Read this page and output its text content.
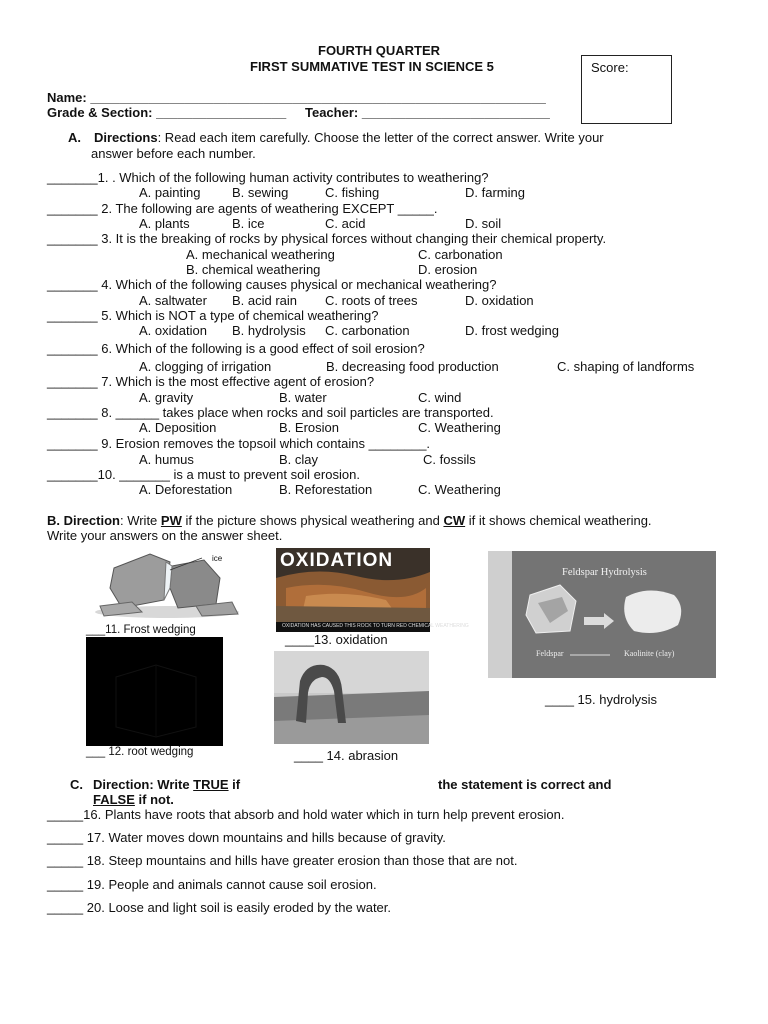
FOURTH QUARTER
FIRST SUMMATIVE TEST IN SCIENCE 5	Score:
Name: _______________________________________________________________
Grade & Section: __________________ Teacher: __________________________
A. Directions: Read each item carefully. Choose the letter of the correct answer. Write your
answer before each number.
_______1. . Which of the following human activity contributes to weathering?
A. painting B. sewing	C. fishing	D. farming
_______ 2. The following are agents of weathering EXCEPT _____.
A. plants	B. ice	C. acid	D. soil
_______ 3. It is the breaking of rocks by physical forces without changing their chemical property.
A. mechanical weathering	C. carbonation
B. chemical weathering	D. erosion
_______ 4. Which of the following causes physical or mechanical weathering?
A. saltwater B. acid rain C. roots of trees	D. oxidation
_______ 5. Which is NOT a type of chemical weathering?
A. oxidation B. hydrolysis C. carbonation	D. frost wedging
_______ 6. Which of the following is a good effect of soil erosion?
A. clogging of irrigation	B. decreasing food production	C. shaping of landforms
_______ 7. Which is the most effective agent of erosion?
A. gravity	B. water	C. wind
_______ 8. ______ takes place when rocks and soil particles are transported.
A. Deposition	B. Erosion	C. Weathering
_______ 9. Erosion removes the topsoil which contains ________.
A. humus	B. clay	C. fossils
_______10. _______ is a must to prevent soil erosion.
A. Deforestation	B. Reforestation	C. Weathering
B. Direction: Write PW if the picture shows physical weathering and CW if it shows chemical weathering.
Write your answers on the answer sheet.
ice
___11. Frost wedging
___ 12. root wedging
OXIDATION
OXIDATION HAS CAUSED THIS ROCK TO TURN RED CHEMICAL WEATHERING
____13. oxidation
____ 14. abrasion
Feldspar Hydrolysis
Feldspar	Kaolinite (clay)
____ 15. hydrolysis
C. Direction: Write TRUE if	the statement is correct and
FALSE if not.
_____16. Plants have roots that absorb and hold water which in turn help prevent erosion.
_____ 17. Water moves down mountains and hills because of gravity.
_____ 18. Steep mountains and hills have greater erosion than those that are not.
_____ 19. People and animals cannot cause soil erosion.
_____ 20. Loose and light soil is easily eroded by the water.
